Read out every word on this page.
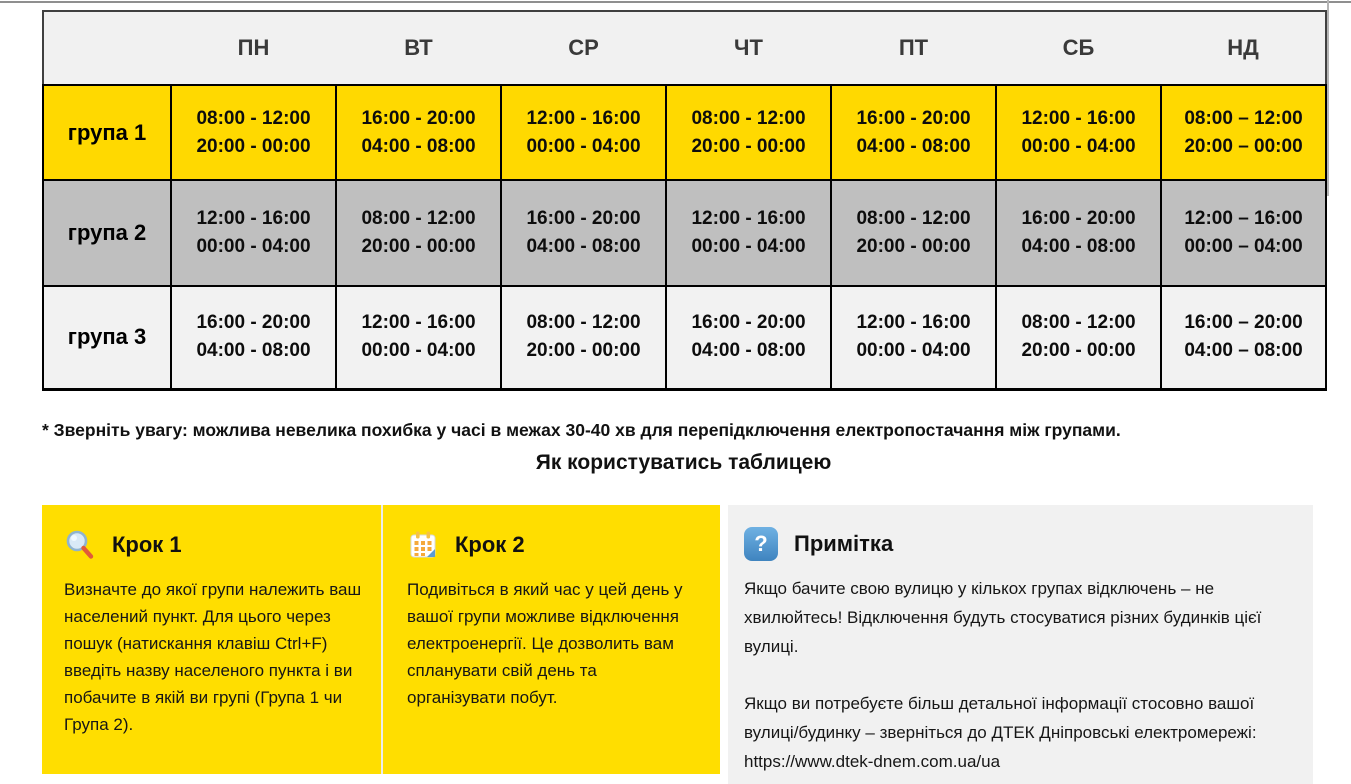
	ПН	ВТ	СР	ЧТ	ПТ	СБ	НД
група 1	
08:00 - 12:00
20:00 - 00:00

16:00 - 20:00
04:00 - 08:00

12:00 - 16:00
00:00 - 04:00

08:00 - 12:00
20:00 - 00:00

16:00 - 20:00
04:00 - 08:00

12:00 - 16:00
00:00 - 04:00

08:00 – 12:00
20:00 – 00:00

група 2	
12:00 - 16:00
00:00 - 04:00

08:00 - 12:00
20:00 - 00:00

16:00 - 20:00
04:00 - 08:00

12:00 - 16:00
00:00 - 04:00

08:00 - 12:00
20:00 - 00:00

16:00 - 20:00
04:00 - 08:00

12:00 – 16:00
00:00 – 04:00

група 3	
16:00 - 20:00
04:00 - 08:00

12:00 - 16:00
00:00 - 04:00

08:00 - 12:00
20:00 - 00:00

16:00 - 20:00
04:00 - 08:00

12:00 - 16:00
00:00 - 04:00

08:00 - 12:00
20:00 - 00:00

16:00 – 20:00
04:00 – 08:00
* Зверніть увагу: можлива невелика похибка у часі в межах 30-40 хв для перепідключення електропостачання між групами.
Як користуватись таблицею
Крок 1
Визначте до якої групи належить ваш населений пункт. Для цього через пошук (натискання клавіш Ctrl+F) введіть назву населеного пункта і ви побачите в якій ви групі (Група 1 чи Група 2).
Крок 2
Подивіться в який час у цей день у вашої групи можливе відключення електроенергії. Це дозволить вам спланувати свій день та організувати побут.
?	Примітка
Якщо бачите свою вулицю у кількох групах відключень – не хвилюйтесь! Відключення будуть стосуватися різних будинків цієї вулиці.
Якщо ви потребуєте більш детальної інформації стосовно вашої вулиці/будинку – зверніться до ДТЕК Дніпровські електромережі: https://www.dtek-dnem.com.ua/ua
